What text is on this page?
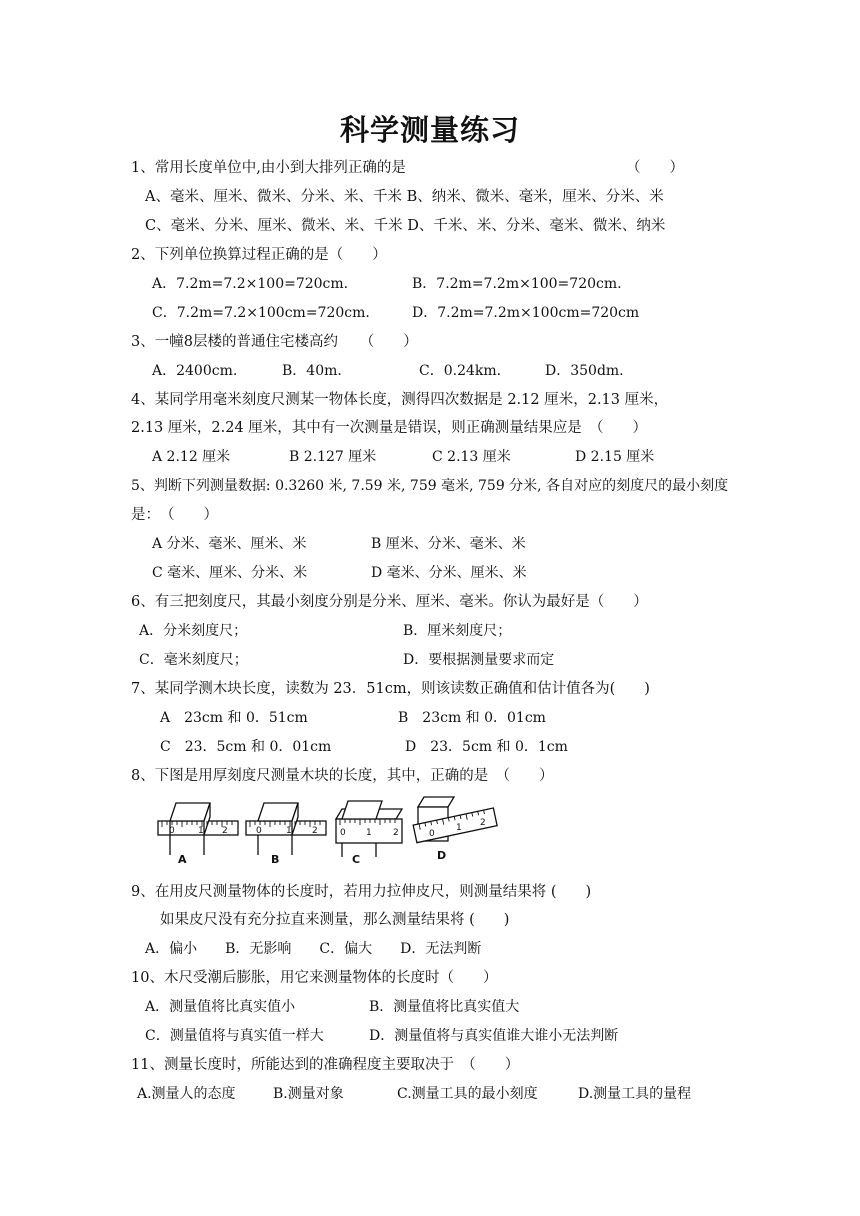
科学测量练习
1、常用长度单位中,由小到大排列正确的是	（　　）
A、毫米、厘米、微米、分米、米、千米 B、纳米、微米、毫米，厘米、分米、米
C、毫米、分米、厘米、微米、米、千米 D、千米、米、分米、毫米、微米、纳米
2、下列单位换算过程正确的是（　　）
A．7.2m=7.2×100=720cm.	B．7.2m=7.2m×100=720cm.
C．7.2m=7.2×100cm=720cm.	D．7.2m=7.2m×100cm=720cm
3、一幢8层楼的普通住宅楼高约　　（　　）
A．2400cm.	B．40m.	C．0.24km.	D．350dm.
4、某同学用毫米刻度尺测某一物体长度，测得四次数据是 2.12 厘米，2.13 厘米，
2.13 厘米，2.24 厘米，其中有一次测量是错误，则正确测量结果应是　（　　）
A 2.12 厘米	B 2.127 厘米	C 2.13 厘米	D 2.15 厘米
5、判断下列测量数据: 0.3260 米, 7.59 米, 759 毫米, 759 分米, 各自对应的刻度尺的最小刻度
是：　（　　）
A 分米、毫米、厘米、米	B 厘米、分米、毫米、米
C 毫米、厘米、分米、米	D 毫米、分米、厘米、米
6、有三把刻度尺，其最小刻度分别是分米、厘米、毫米。你认为最好是（　　）
A．分米刻度尺；	B．厘米刻度尺；
C．毫米刻度尺；	D．要根据测量要求而定
7、某同学测木块长度，读数为 23．51cm，则该读数正确值和估计值各为(　　)
A　23cm 和 0．51cm	B　23cm 和 0．01cm
C　23．5cm 和 0．01cm	D　23．5cm 和 0．1cm
8、下图是用厚刻度尺测量木块的长度，其中，正确的是　（　　）
0	1 2	0	1 2 0 1 2	0
1 2
A	B	C	D
9、在用皮尺测量物体的长度时，若用力拉伸皮尺，则测量结果将 (　　)
如果皮尺没有充分拉直来测量，那么测量结果将 (　　)
A．偏小　　B．无影响　　C．偏大　　D．无法判断
10、木尺受潮后膨胀，用它来测量物体的长度时（　　）
A．测量值将比真实值小	B．测量值将比真实值大
C．测量值将与真实值一样大	D．测量值将与真实值谁大谁小无法判断
11、测量长度时，所能达到的准确程度主要取决于　（　　）
A.测量人的态度	B.测量对象	C.测量工具的最小刻度	D.测量工具的量程
